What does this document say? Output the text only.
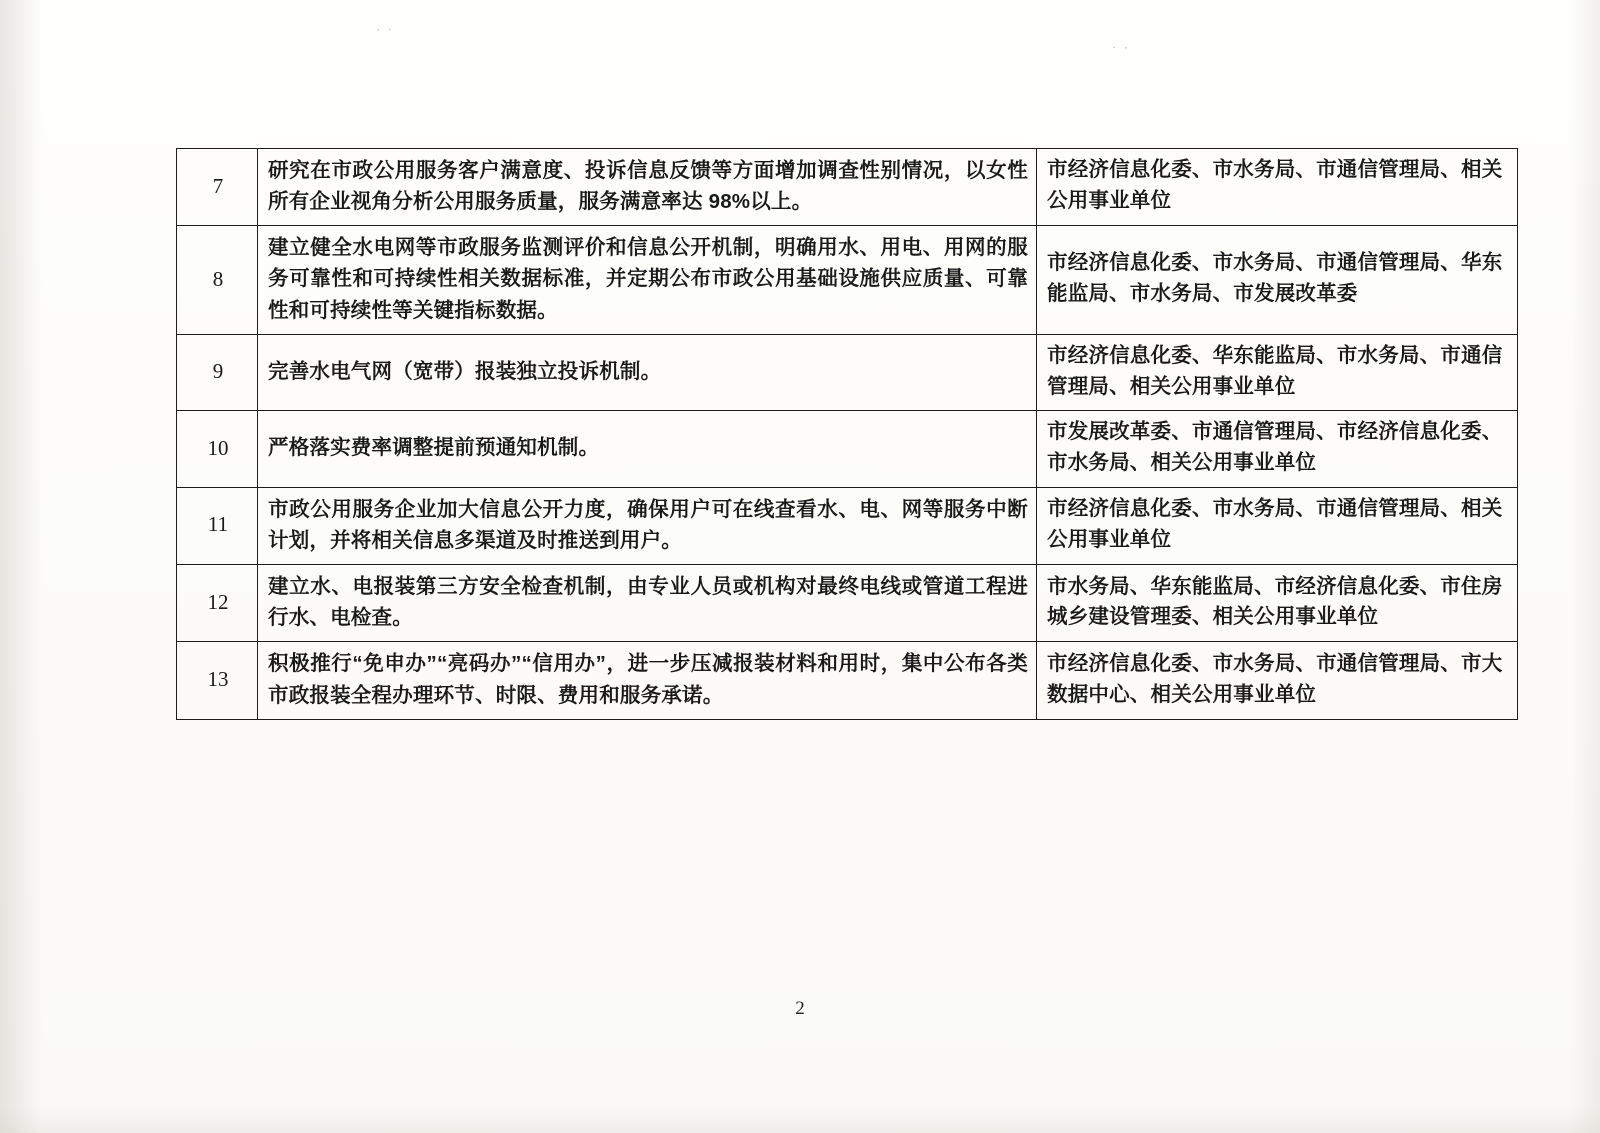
· ·
· ·
7	研究在市政公用服务客户满意度、投诉信息反馈等方面增加调查性别情况，以女性所有企业视角分析公用服务质量，服务满意率达 98%以上。	市经济信息化委、市水务局、市通信管理局、相关公用事业单位
8	建立健全水电网等市政服务监测评价和信息公开机制，明确用水、用电、用网的服务可靠性和可持续性相关数据标准，并定期公布市政公用基础设施供应质量、可靠性和可持续性等关键指标数据。	市经济信息化委、市水务局、市通信管理局、华东能监局、市水务局、市发展改革委
9	完善水电气网（宽带）报装独立投诉机制。	市经济信息化委、华东能监局、市水务局、市通信管理局、相关公用事业单位
10	严格落实费率调整提前预通知机制。	市发展改革委、市通信管理局、市经济信息化委、市水务局、相关公用事业单位
11	市政公用服务企业加大信息公开力度，确保用户可在线查看水、电、网等服务中断计划，并将相关信息多渠道及时推送到用户。	市经济信息化委、市水务局、市通信管理局、相关公用事业单位
12	建立水、电报装第三方安全检查机制，由专业人员或机构对最终电线或管道工程进行水、电检查。	市水务局、华东能监局、市经济信息化委、市住房城乡建设管理委、相关公用事业单位
13	积极推行“免申办”“亮码办”“信用办”，进一步压减报装材料和用时，集中公布各类市政报装全程办理环节、时限、费用和服务承诺。	市经济信息化委、市水务局、市通信管理局、市大数据中心、相关公用事业单位
2
